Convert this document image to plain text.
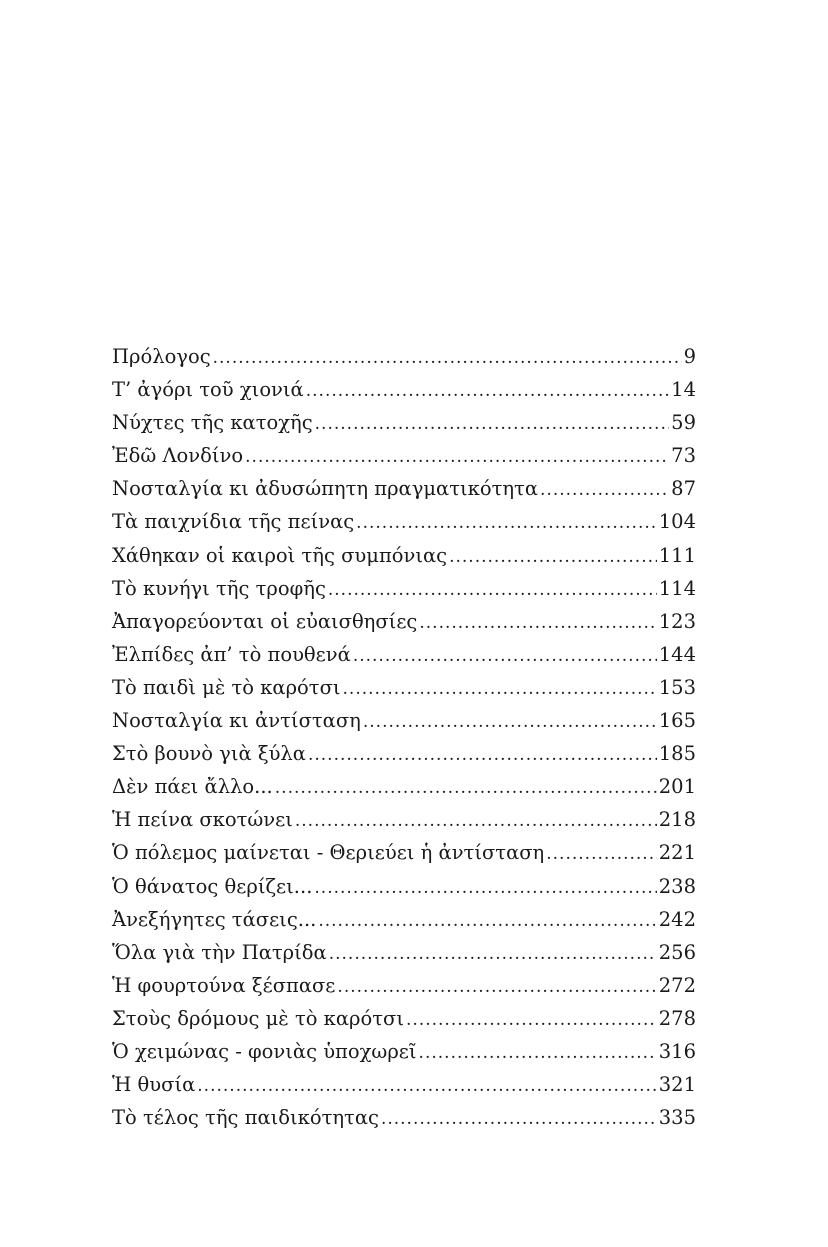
Πρόλογος .....	9
Τ’ ἀγόρι τοῦ χιονιά .....	14
Νύχτες τῆς κατοχῆς .....	59
Ἐδῶ Λονδίνο .....	73
Νοσταλγία κι ἀδυσώπητη πραγματικότητα .....	87
Τὰ παιχνίδια τῆς πείνας .....	104
Χάθηκαν οἱ καιροὶ τῆς συμπόνιας .....	111
Τὸ κυνήγι τῆς τροφῆς .....	114
Ἀπαγορεύονται οἱ εὐαισθησίες .....	123
Ἐλπίδες ἀπ’ τὸ πουθενά .....	144
Τὸ παιδὶ μὲ τὸ καρότσι .....	153
Νοσταλγία κι ἀντίσταση .....	165
Στὸ βουνὸ γιὰ ξύλα .....	185
Δὲν πάει ἄλλο... .....	201
Ἡ πείνα σκοτώνει .....	218
Ὁ πόλεμος μαίνεται - Θεριεύει ἡ ἀντίσταση .....	221
Ὁ θάνατος θερίζει... .....	238
Ἀνεξήγητες τάσεις... .....	242
Ὅλα γιὰ τὴν Πατρίδα .....	256
Ἡ φουρτούνα ξέσπασε .....	272
Στοὺς δρόμους μὲ τὸ καρότσι .....	278
Ὁ χειμώνας - φονιὰς ὑποχωρεῖ .....	316
Ἡ θυσία .....	321
Τὸ τέλος τῆς παιδικότητας .....	335
